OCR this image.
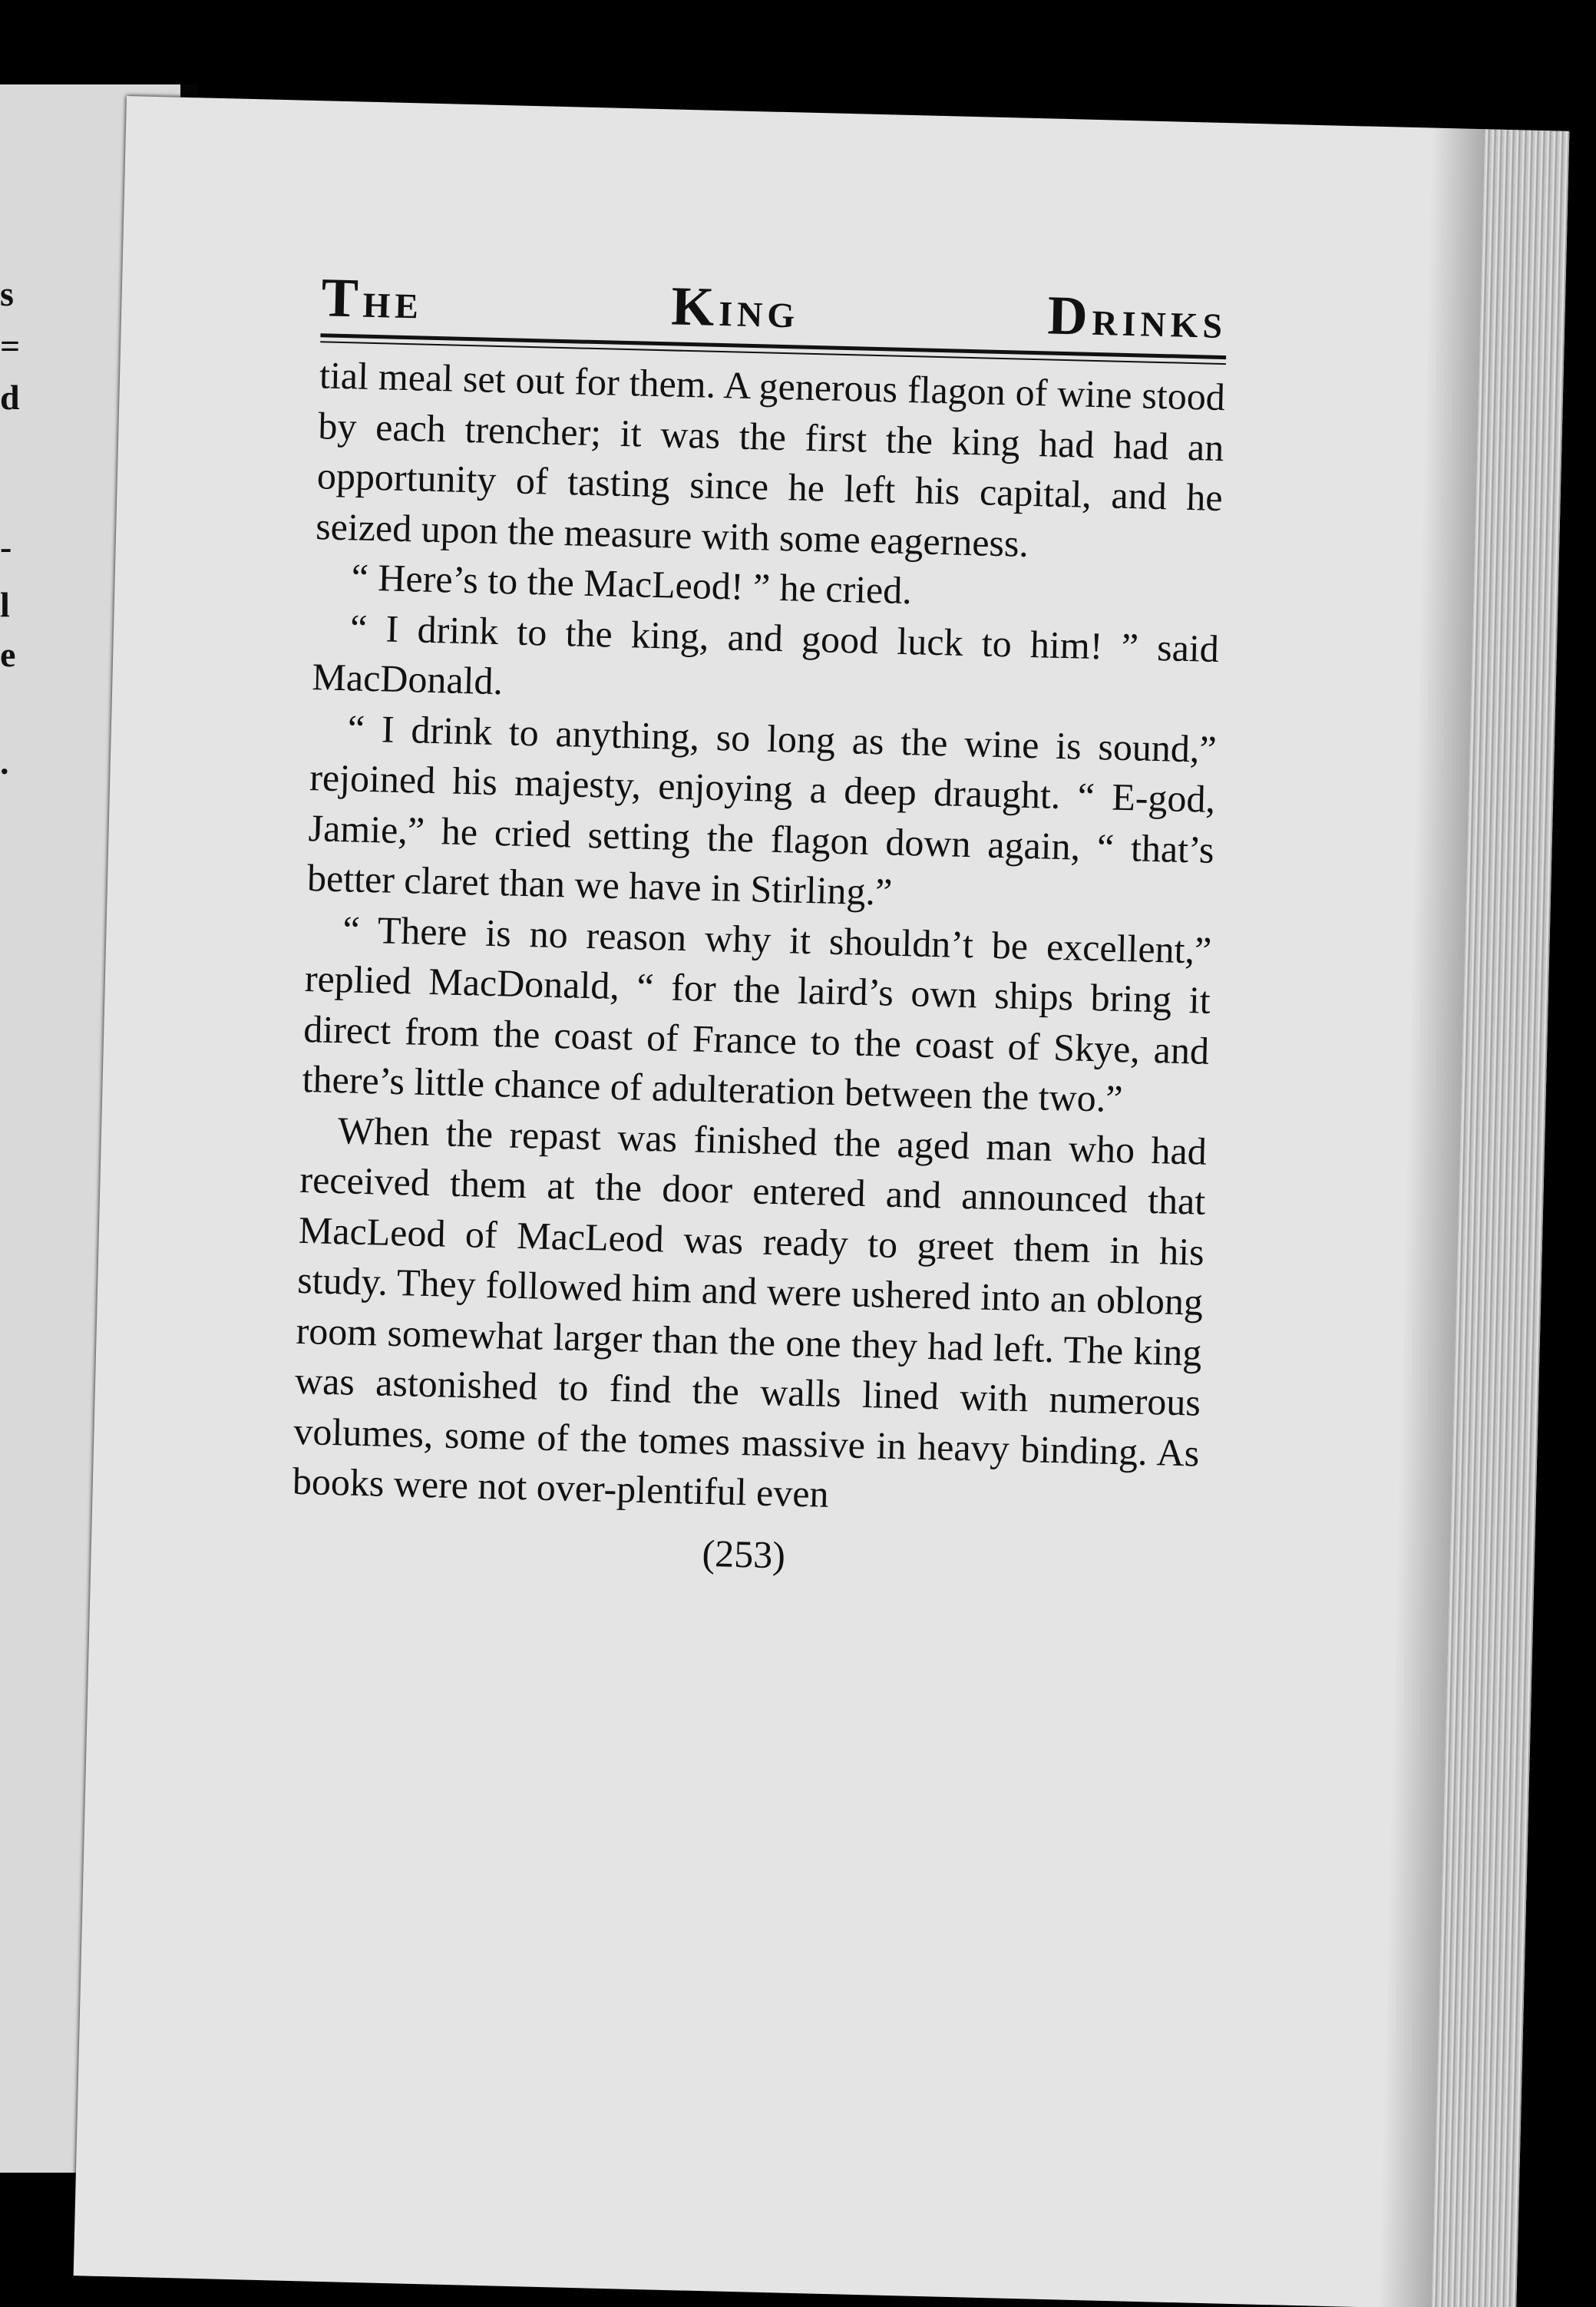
s
=
d
-
l
e
.
THE	KING	DRINKS

tial meal set out for them. A generous flagon of wine stood by each trencher; it was the first the king had had an opportunity of tasting since he left his capital, and he seized upon the measure with some eagerness.

“ Here’s to the MacLeod! ” he cried.

“ I drink to the king, and good luck to him! ” said MacDonald.

“ I drink to anything, so long as the wine is sound,” rejoined his majesty, enjoying a deep draught. “ E-god, Jamie,” he cried setting the flagon down again, “ that’s better claret than we have in Stirling.”

“ There is no reason why it shouldn’t be excellent,” replied MacDonald, “ for the laird’s own ships bring it direct from the coast of France to the coast of Skye, and there’s little chance of adulteration between the two.”

When the repast was finished the aged man who had received them at the door entered and announced that MacLeod of MacLeod was ready to greet them in his study. They followed him and were ushered into an oblong room somewhat larger than the one they had left. The king was astonished to find the walls lined with numerous volumes, some of the tomes massive in heavy binding. As books were not over-plentiful even

(253)
